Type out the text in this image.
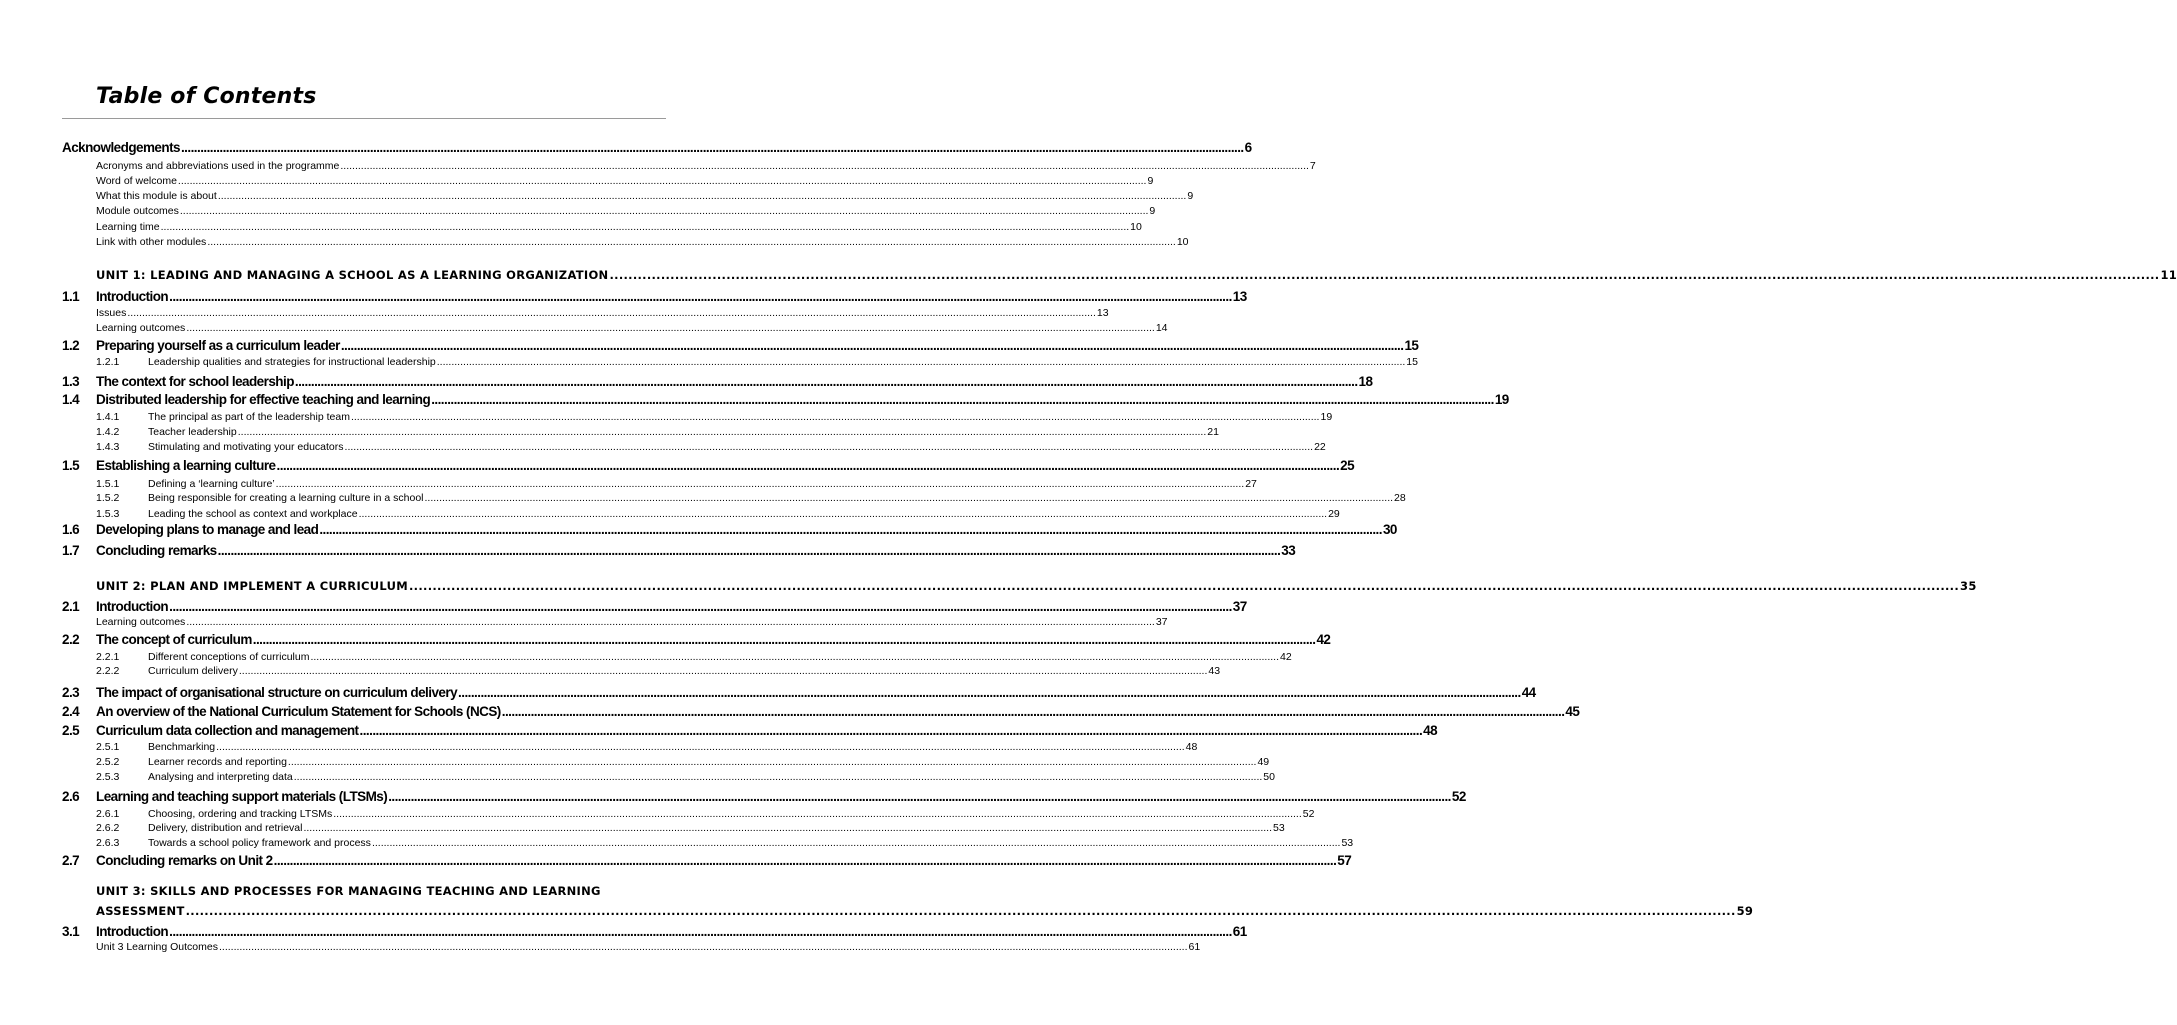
Table of Contents
Acknowledgements .....	6
Acronyms and abbreviations used in the programme .....	7
Word of welcome .....	9
What this module is about .....	9
Module outcomes .....	9
Learning time .....	10
Link with other modules .....	10
UNIT 1: LEADING AND MANAGING A SCHOOL AS A LEARNING ORGANIZATION .....	11
1.1	Introduction .....	13
Issues .....	13
Learning outcomes .....	14
1.2	Preparing yourself as a curriculum leader .....	15
1.2.1	Leadership qualities and strategies for instructional leadership .....	15
1.3	The context for school leadership .....	18
1.4	Distributed leadership for effective teaching and learning .....	19
1.4.1	The principal as part of the leadership team .....	19
1.4.2	Teacher leadership .....	21
1.4.3	Stimulating and motivating your educators .....	22
1.5	Establishing a learning culture .....	25
1.5.1	Defining a ‘learning culture’ .....	27
1.5.2	Being responsible for creating a learning culture in a school .....	28
1.5.3	Leading the school as context and workplace .....	29
1.6	Developing plans to manage and lead .....	30
1.7	Concluding remarks .....	33
UNIT 2: PLAN AND IMPLEMENT A CURRICULUM .....	35
2.1	Introduction .....	37
Learning outcomes .....	37
2.2	The concept of curriculum .....	42
2.2.1	Different conceptions of curriculum .....	42
2.2.2	Curriculum delivery .....	43
2.3	The impact of organisational structure on curriculum delivery .....	44
2.4	An overview of the National Curriculum Statement for Schools (NCS) .....	45
2.5	Curriculum data collection and management .....	48
2.5.1	Benchmarking .....	48
2.5.2	Learner records and reporting .....	49
2.5.3	Analysing and interpreting data .....	50
2.6	Learning and teaching support materials (LTSMs) .....	52
2.6.1	Choosing, ordering and tracking LTSMs .....	52
2.6.2	Delivery, distribution and retrieval .....	53
2.6.3	Towards a school policy framework and process .....	53
2.7	Concluding remarks on Unit 2 .....	57
UNIT 3: SKILLS AND PROCESSES FOR MANAGING TEACHING AND LEARNING
ASSESSMENT .....	59
3.1	Introduction .....	61
Unit 3 Learning Outcomes .....	61
